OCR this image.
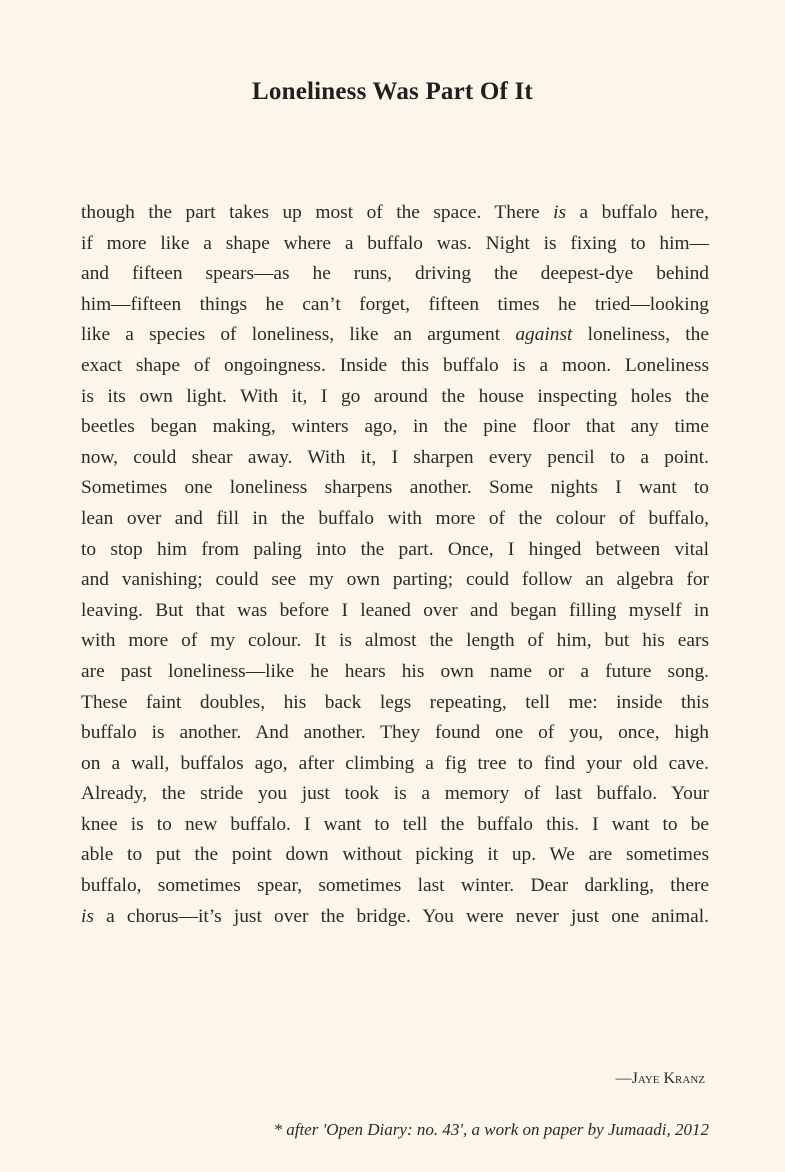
Loneliness Was Part Of It
though the part takes up most of the space. There is a buffalo here,
if more like a shape where a buffalo was. Night is fixing to him—
and fifteen spears—as he runs, driving the deepest-dye behind
him—fifteen things he can’t forget, fifteen times he tried—looking
like a species of loneliness, like an argument against loneliness, the
exact shape of ongoingness. Inside this buffalo is a moon. Loneliness
is its own light. With it, I go around the house inspecting holes the
beetles began making, winters ago, in the pine floor that any time
now, could shear away. With it, I sharpen every pencil to a point.
Sometimes one loneliness sharpens another. Some nights I want to
lean over and fill in the buffalo with more of the colour of buffalo,
to stop him from paling into the part. Once, I hinged between vital
and vanishing; could see my own parting; could follow an algebra for
leaving. But that was before I leaned over and began filling myself in
with more of my colour. It is almost the length of him, but his ears
are past loneliness—like he hears his own name or a future song.
These faint doubles, his back legs repeating, tell me: inside this
buffalo is another. And another. They found one of you, once, high
on a wall, buffalos ago, after climbing a fig tree to find your old cave.
Already, the stride you just took is a memory of last buffalo. Your
knee is to new buffalo. I want to tell the buffalo this. I want to be
able to put the point down without picking it up. We are sometimes
buffalo, sometimes spear, sometimes last winter. Dear darkling, there
is a chorus—it’s just over the bridge. You were never just one animal.
—Jaye Kranz
* after 'Open Diary: no. 43', a work on paper by Jumaadi, 2012
